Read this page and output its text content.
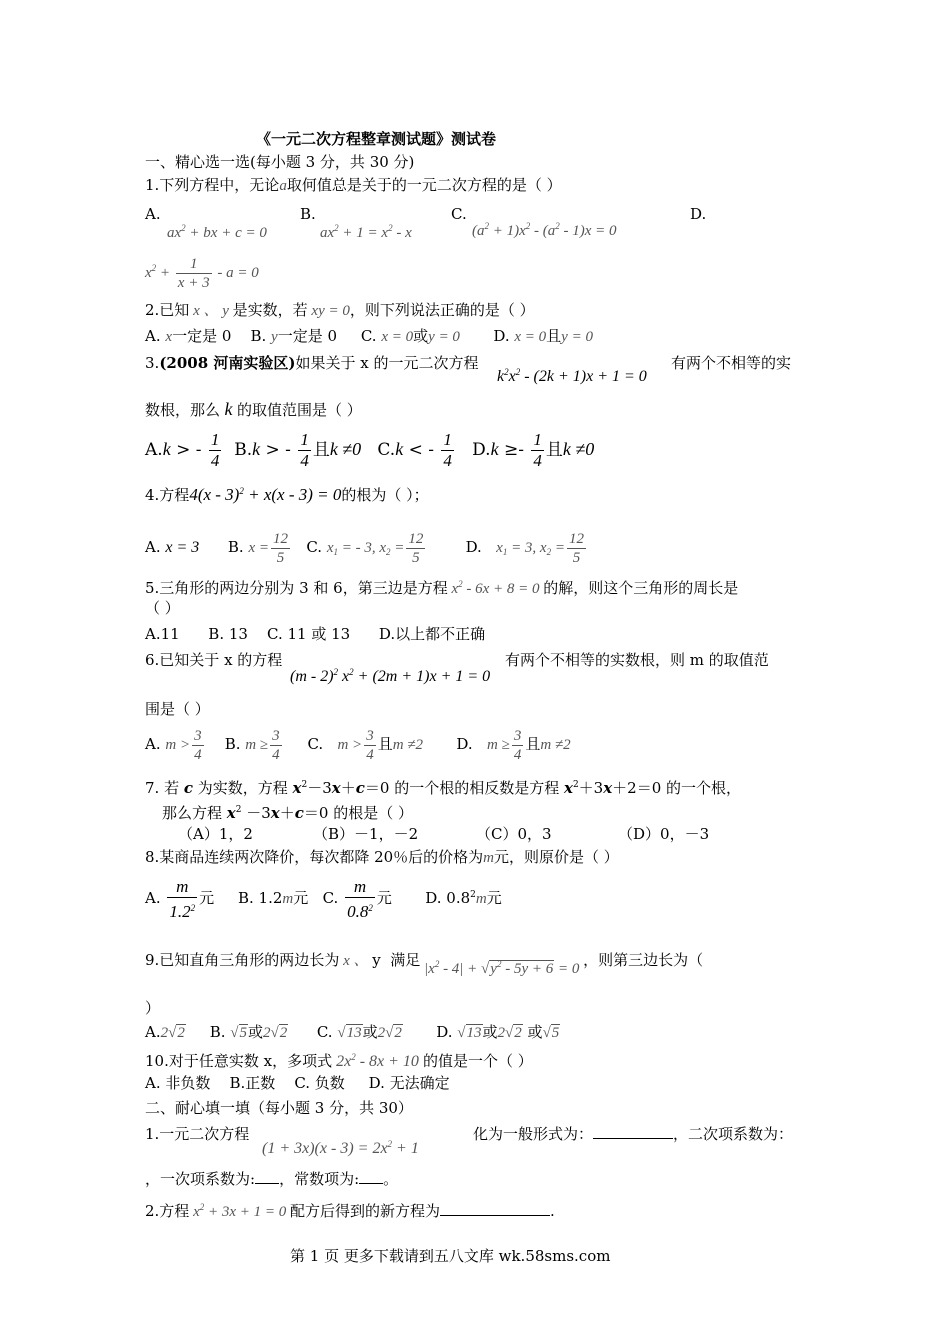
《一元二次方程整章测试题》测试卷
一、精心选一选(每小题 3 分，共 30 分)
1.下列方程中，无论a取何值总是关于的一元二次方程的是（ ）
A.	B.	C.	D.
$ax^2$ + bx + c = 0	$ax^2 + 1 = x^2 - x$	$(a^2 + 1)x^2 - (a^2 - 1)x = 0$
$x^2 + \frac{1}{x + 3} - a = 0$
2.已知 x 、 y 是实数，若 xy = 0，则下列说法正确的是（ ）
A. x一定是 0 B. y一定是 0 C. x = 0或y = 0 D. x = 0且y = 0
3.(2008 河南实验区)如果关于 x 的一元二次方程
$k^2x^2 - (2k + 1)x + 1 = 0$
有两个不相等的实
数根，那么 k 的取值范围是（ ）
A.k > - $\frac{1}{4} B.k$ > - $\frac{1}{4}$ 且k ≠0 C.k < - $\frac{1}{4} D.k \ge- \frac{1}{4}$ 且k ≠0
4.方程4(x - 3)$^2$ + x(x - 3) = 0的根为（ ）；
A. x = 3 B. $x = \frac{12}{5} C$. $x_1$ = - 3, $x_2 = \frac{12}{5}$	D. $x_1 = 3$, $x_2 = \frac{12}{5}$
5.三角形的两边分别为 3 和 6，第三边是方程 $x^2 - 6x + 8 = 0$ 的解，则这个三角形的周长是
（ ）
A.11 B. 13 C. 11 或 13 D.以上都不正确
6.已知关于 x 的方程
(m - 2)$^2$ $x^2 + (2m + 1)x + 1 = 0$
有两个不相等的实数根，则 m 的取值范
围是（ ）
A. $m > \frac{3}{4} B$. $m \ge \frac{3}{4} C$. $m > \frac{3}{4}$ 且m ≠2 D. $m \ge \frac{3}{4}$ 且m ≠2
7. 若 c 为实数，方程 $x^2-3x+c=0$ 的一个根的相反数是方程 $x^2+3x+2=0$ 的一个根，
那么方程 $x^2 -3x+c=0$ 的根是（ ）
（A）1，2	（B）－1，－2	（C）0，3	（D）0，－3
8.某商品连续两次降价，每次都降 20％后的价格为m元，则原价是（ ）
A. $\frac{m}{1.2^2}$ 元 B. 1.2m元 C. $\frac{m}{0.8^2}$ 元 D. $0.8^2m$元
9.已知直角三角形的两边长为 x 、 y  满足 $|x^2 - 4| + √y^2 - 5y + 6 = 0$ ，则第三边长为（
）
A.2√2 B. √5或2√2 C. √13或2√2 D. √13或2√2 或√5
10.对于任意实数 x，多项式 $2x^2 - 8x + 10$ 的值是一个（ ）
A. 非负数 B.正数 C. 负数 D. 无法确定
二、耐心填一填（每小题 3 分，共 30）
1.一元二次方程
$(1 + 3x)(x - 3) = 2x^2 + 1$
化为一般形式为：	，二次项系数为：
，一次项系数为: ，常数项为: 。
2.方程 $x^2 + 3x + 1 = 0$ 配方后得到的新方程为	.
第 1 页 更多下载请到五八文库 wk.58sms.com
